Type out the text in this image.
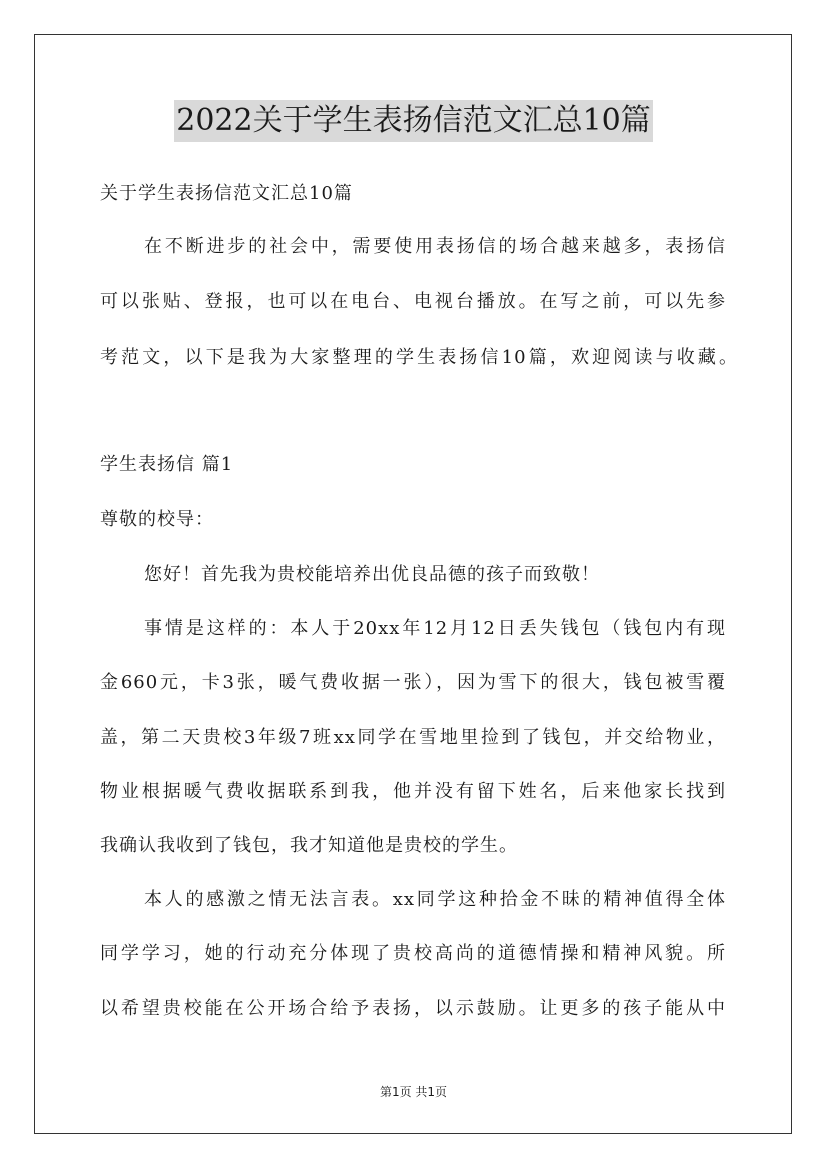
2022关于学生表扬信范文汇总10篇
关于学生表扬信范文汇总10篇
在不断进步的社会中，需要使用表扬信的场合越来越多，表扬信
可以张贴、登报，也可以在电台、电视台播放。在写之前，可以先参
考范文，以下是我为大家整理的学生表扬信10篇，欢迎阅读与收藏。
学生表扬信 篇1
尊敬的校导：
您好！首先我为贵校能培养出优良品德的孩子而致敬！
事情是这样的：本人于20xx年12月12日丢失钱包（钱包内有现
金660元，卡3张，暖气费收据一张），因为雪下的很大，钱包被雪覆
盖，第二天贵校3年级7班xx同学在雪地里捡到了钱包，并交给物业，
物业根据暖气费收据联系到我，他并没有留下姓名，后来他家长找到
我确认我收到了钱包，我才知道他是贵校的学生。
本人的感激之情无法言表。xx同学这种拾金不昧的精神值得全体
同学学习，她的行动充分体现了贵校高尚的道德情操和精神风貌。所
以希望贵校能在公开场合给予表扬，以示鼓励。让更多的孩子能从中
第1页 共1页
